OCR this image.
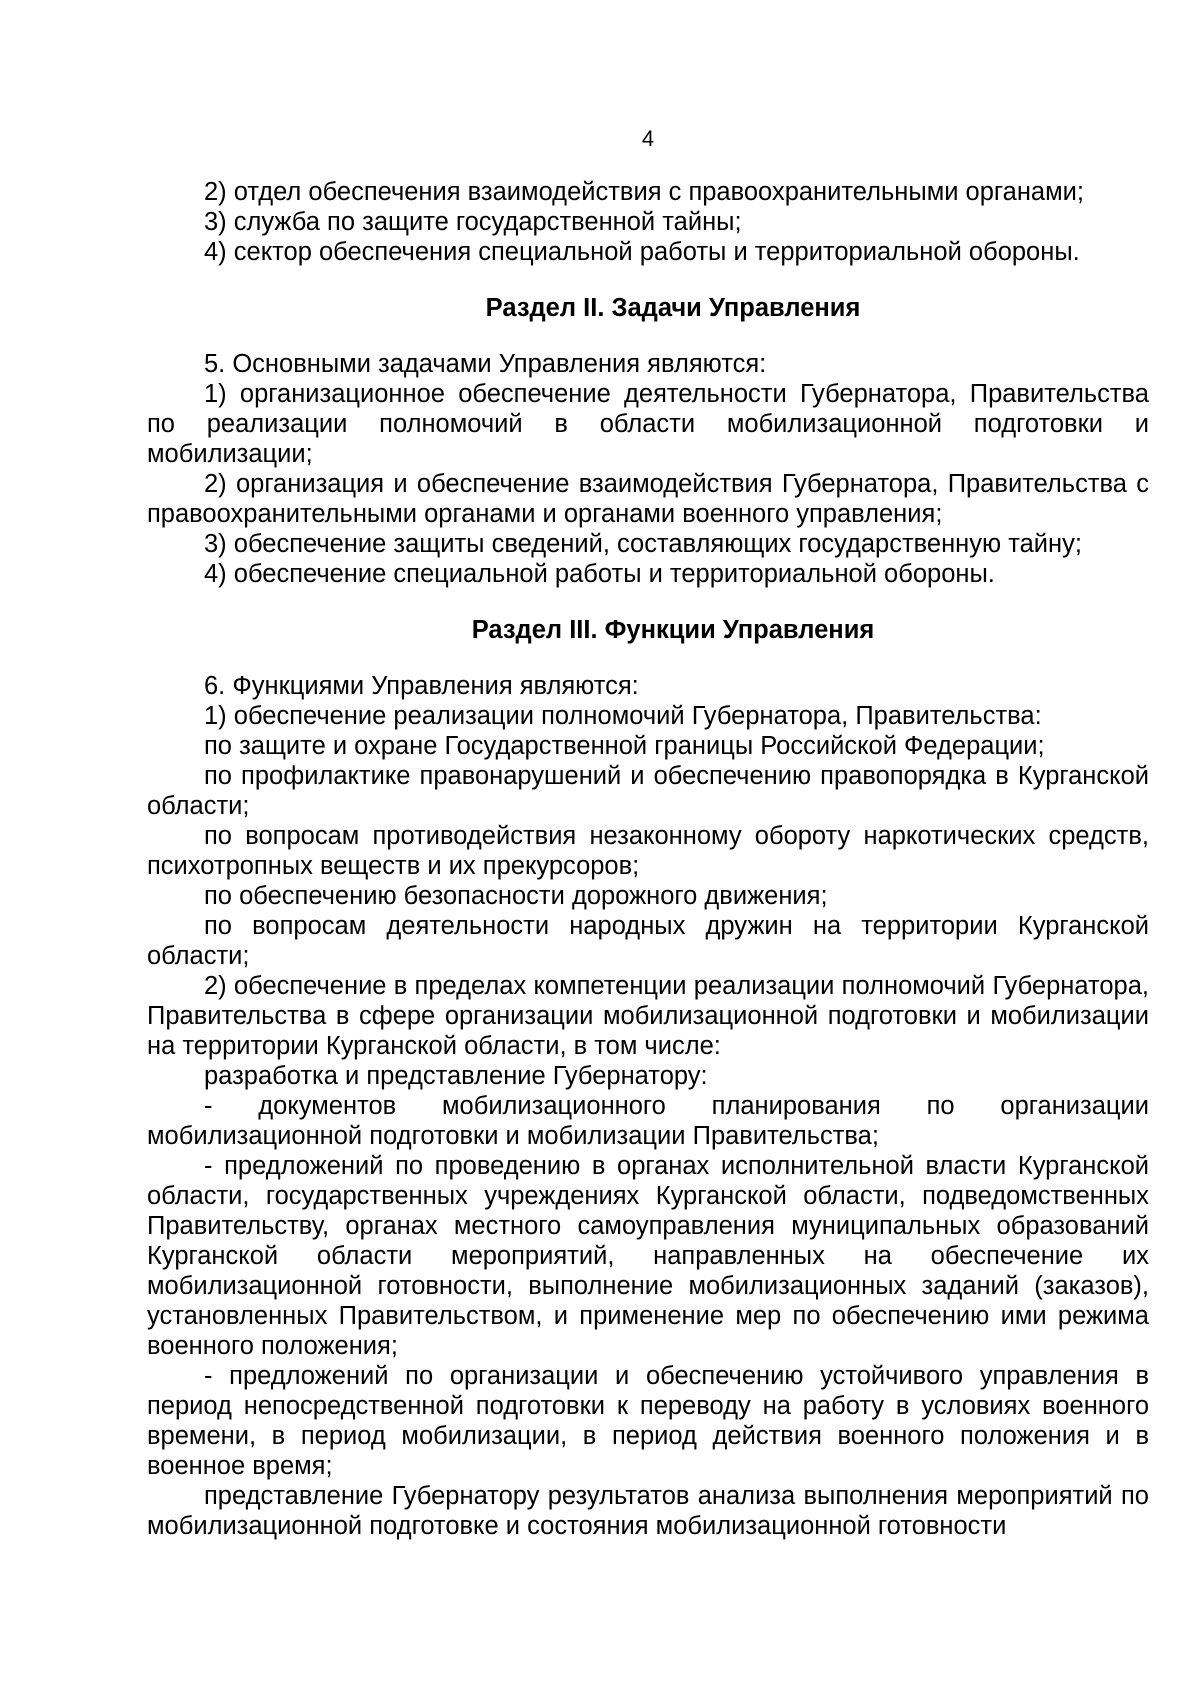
4

2) отдел обеспечения взаимодействия с правоохранительными органами;

3) служба по защите государственной тайны;

4) сектор обеспечения специальной работы и территориальной обороны.

Раздел II. Задачи Управления

5. Основными задачами Управления являются:

1) организационное обеспечение деятельности Губернатора, Правительства по реализации полномочий в области мобилизационной подготовки и мобилизации;

2) организация и обеспечение взаимодействия Губернатора, Правительства с правоохранительными органами и органами военного управления;

3) обеспечение защиты сведений, составляющих государственную тайну;

4) обеспечение специальной работы и территориальной обороны.

Раздел III. Функции Управления

6. Функциями Управления являются:

1) обеспечение реализации полномочий Губернатора, Правительства:

по защите и охране Государственной границы Российской Федерации;

по профилактике правонарушений и обеспечению правопорядка в Курганской области;

по вопросам противодействия незаконному обороту наркотических средств, психотропных веществ и их прекурсоров;

по обеспечению безопасности дорожного движения;

по вопросам деятельности народных дружин на территории Курганской области;

2) обеспечение в пределах компетенции реализации полномочий Губернатора, Правительства в сфере организации мобилизационной подготовки и мобилизации на территории Курганской области, в том числе:

разработка и представление Губернатору:

- документов мобилизационного планирования по организации мобилизационной подготовки и мобилизации Правительства;

- предложений по проведению в органах исполнительной власти Курганской области, государственных учреждениях Курганской области, подведомственных Правительству, органах местного самоуправления муниципальных образований Курганской области мероприятий, направленных на обеспечение их мобилизационной готовности, выполнение мобилизационных заданий (заказов), установленных Правительством, и применение мер по обеспечению ими режима военного положения;

- предложений по организации и обеспечению устойчивого управления в период непосредственной подготовки к переводу на работу в условиях военного времени, в период мобилизации, в период действия военного положения и в военное время;

представление Губернатору результатов анализа выполнения мероприятий по мобилизационной подготовке и состояния мобилизационной готовности
